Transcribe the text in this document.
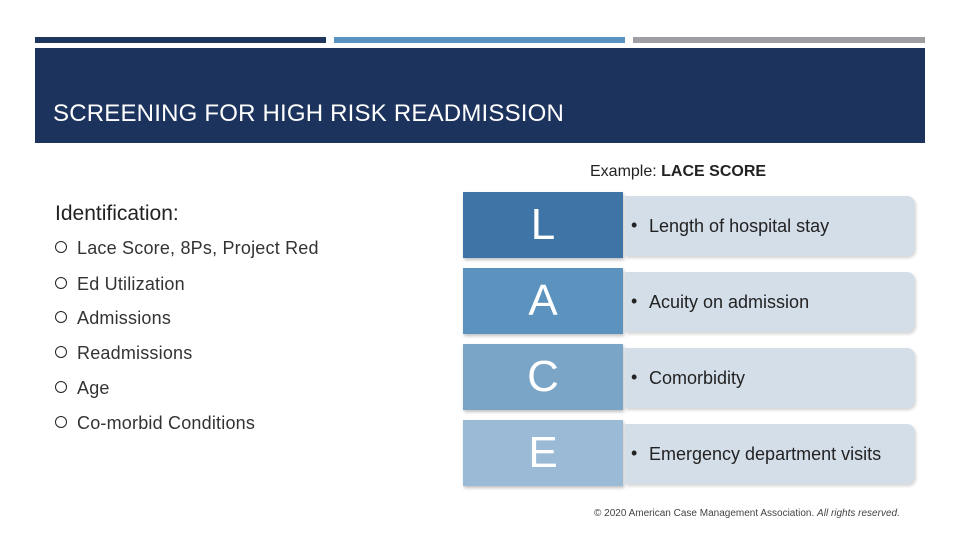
SCREENING FOR HIGH RISK READMISSION
Example: LACE SCORE
Identification:
Lace Score, 8Ps, Project Red
Ed Utilization
Admissions
Readmissions
Age
Co-morbid Conditions
L	• Length of hospital stay
A	• Acuity on admission
C	• Comorbidity
E	• Emergency department visits
© 2020 American Case Management Association. All rights reserved.
